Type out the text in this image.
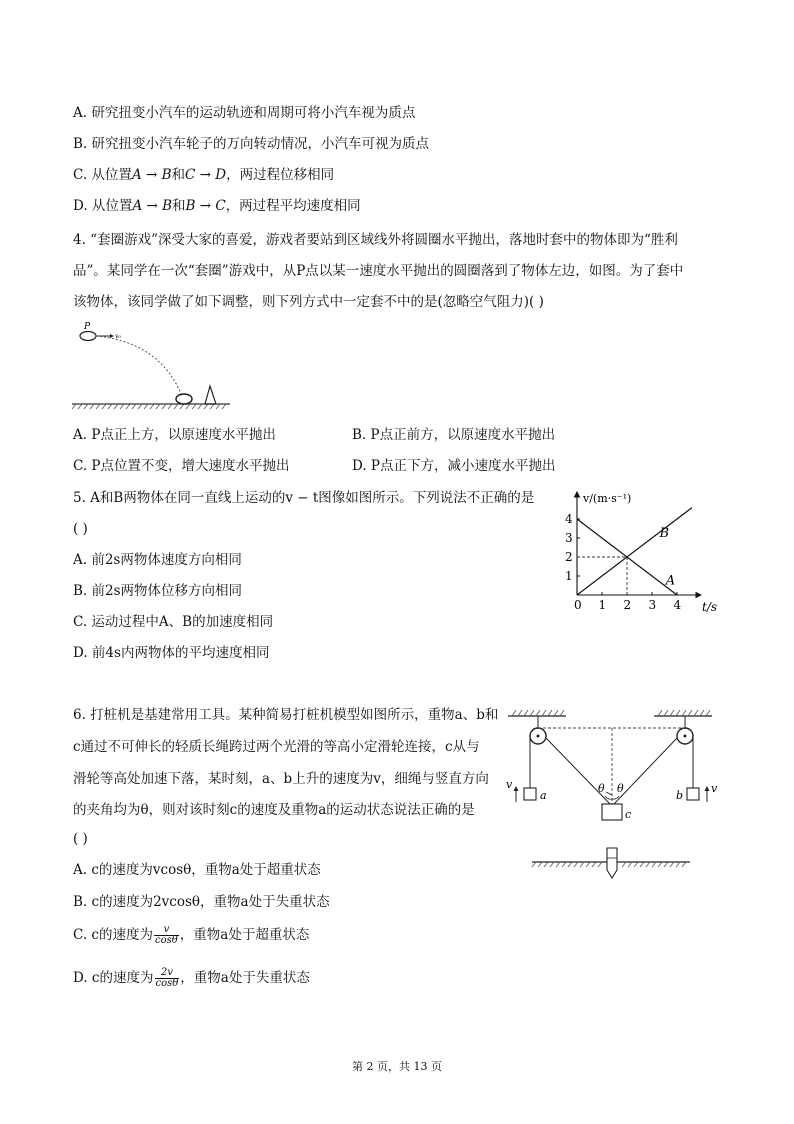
A. 研究扭变小汽车的运动轨迹和周期可将小汽车视为质点
B. 研究扭变小汽车轮子的万向转动情况，小汽车可视为质点
C. 从位置A → B和C → D，两过程位移相同
D. 从位置A → B和B → C，两过程平均速度相同
4. “套圈游戏”深受大家的喜爱，游戏者要站到区域线外将圆圈水平抛出，落地时套中的物体即为“胜利
品”。某同学在一次“套圈”游戏中，从P点以某一速度水平抛出的圆圈落到了物体左边，如图。为了套中
该物体，该同学做了如下调整，则下列方式中一定套不中的是(忽略空气阻力)( )
P
v₀
A. P点正上方，以原速度水平抛出	B. P点正前方，以原速度水平抛出
C. P点位置不变，增大速度水平抛出	D. P点正下方，减小速度水平抛出
5. A和B两物体在同一直线上运动的v − t图像如图所示。下列说法不正确的是
( )
A. 前2s两物体速度方向相同
B. 前2s两物体位移方向相同
C. 运动过程中A、B的加速度相同
D. 前4s内两物体的平均速度相同
v/(m·s⁻¹)
t/s
0 1 2 3 4
1
2
3
4
A
B
6. 打桩机是基建常用工具。某种简易打桩机模型如图所示，重物a、b和
c通过不可伸长的轻质长绳跨过两个光滑的等高小定滑轮连接，c从与
滑轮等高处加速下落，某时刻，a、b上升的速度为v，细绳与竖直方向
的夹角均为θ，则对该时刻c的速度及重物a的运动状态说法正确的是
( )
A. c的速度为vcosθ，重物a处于超重状态
B. c的速度为2vcosθ，重物a处于失重状态
C. c的速度为 $\frac{v}{\cos\theta}$ ，重物a处于超重状态
D. c的速度为 $\frac{2v}{\cos\theta}$ ，重物a处于失重状态
θ θ
a
v
b
v
c
第 2 页，共 13 页
